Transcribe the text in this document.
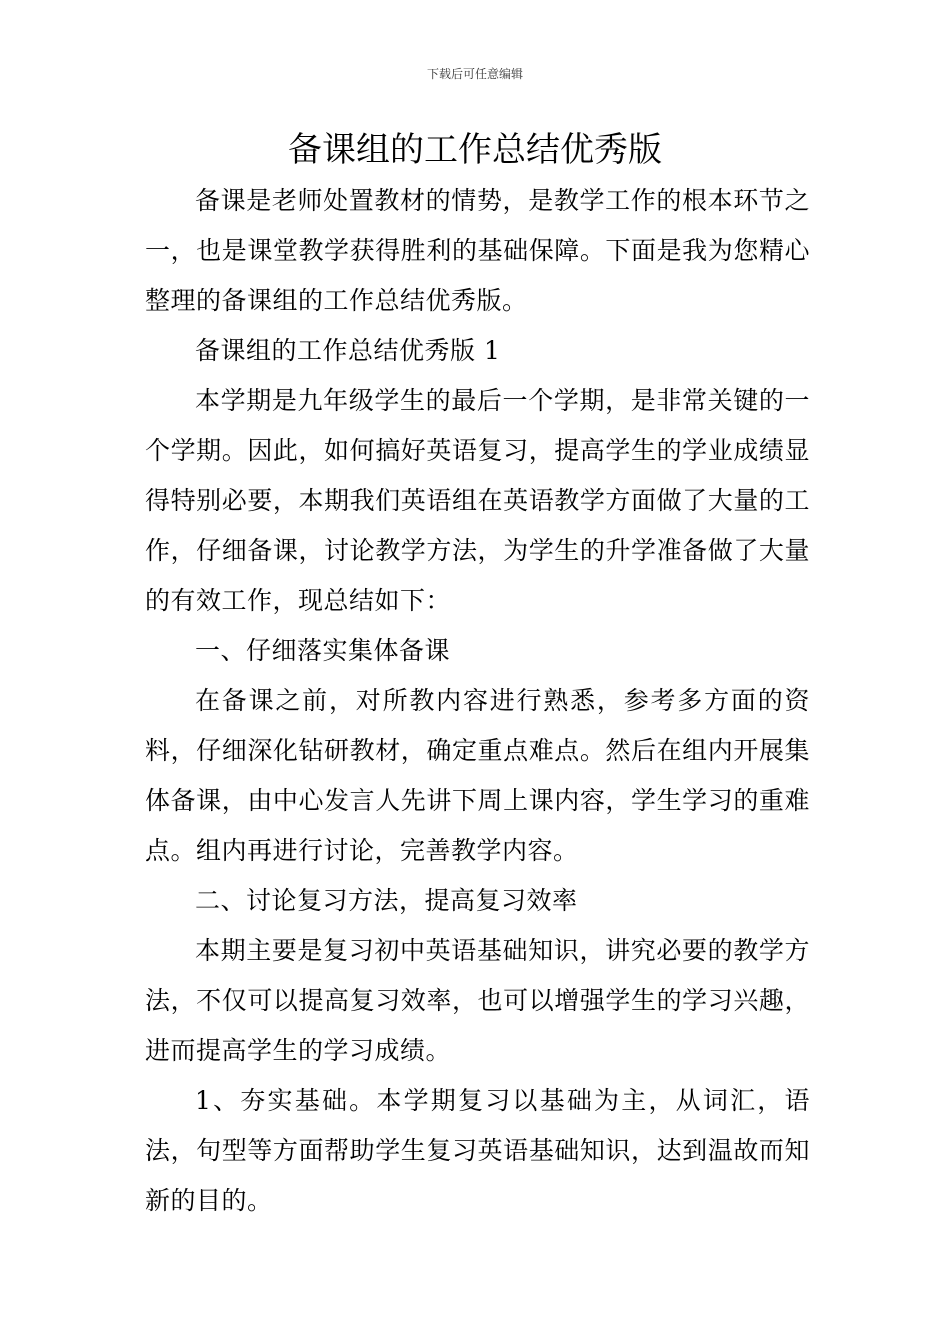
下载后可任意编辑
备课组的工作总结优秀版

备课是老师处置教材的情势，是教学工作的根本环节之一，也是课堂教学获得胜利的基础保障。下面是我为您精心整理的备课组的工作总结优秀版。

备课组的工作总结优秀版 1

本学期是九年级学生的最后一个学期，是非常关键的一个学期。因此，如何搞好英语复习，提高学生的学业成绩显得特别必要，本期我们英语组在英语教学方面做了大量的工作，仔细备课，讨论教学方法，为学生的升学准备做了大量的有效工作，现总结如下：

一、仔细落实集体备课

在备课之前，对所教内容进行熟悉，参考多方面的资料，仔细深化钻研教材，确定重点难点。然后在组内开展集体备课，由中心发言人先讲下周上课内容，学生学习的重难点。组内再进行讨论，完善教学内容。

二、讨论复习方法，提高复习效率

本期主要是复习初中英语基础知识，讲究必要的教学方法，不仅可以提高复习效率，也可以增强学生的学习兴趣，进而提高学生的学习成绩。

1、夯实基础。本学期复习以基础为主，从词汇，语法，句型等方面帮助学生复习英语基础知识，达到温故而知新的目的。
